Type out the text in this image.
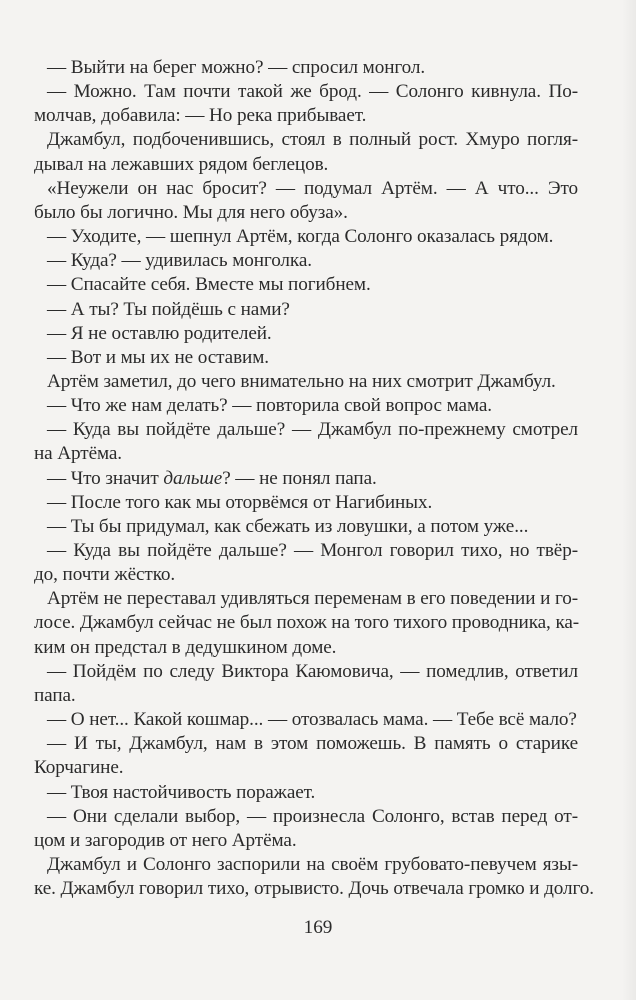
— Выйти на берег можно? — спросил монгол.
— Можно. Там почти такой же брод. — Солонго кивнула. По-
молчав, добавила: — Но река прибывает.
Джамбул, подбоченившись, стоял в полный рост. Хмуро погля-
дывал на лежавших рядом беглецов.
«Неужели он нас бросит? — подумал Артём. — А что... Это
было бы логично. Мы для него обуза».
— Уходите, — шепнул Артём, когда Солонго оказалась рядом.
— Куда? — удивилась монголка.
— Спасайте себя. Вместе мы погибнем.
— А ты? Ты пойдёшь с нами?
— Я не оставлю родителей.
— Вот и мы их не оставим.
Артём заметил, до чего внимательно на них смотрит Джамбул.
— Что же нам делать? — повторила свой вопрос мама.
— Куда вы пойдёте дальше? — Джамбул по-прежнему смотрел
на Артёма.
— Что значит дальше? — не понял папа.
— После того как мы оторвёмся от Нагибиных.
— Ты бы придумал, как сбежать из ловушки, а потом уже...
— Куда вы пойдёте дальше? — Монгол говорил тихо, но твёр-
до, почти жёстко.
Артём не переставал удивляться переменам в его поведении и го-
лосе. Джамбул сейчас не был похож на того тихого проводника, ка-
ким он предстал в дедушкином доме.
— Пойдём по следу Виктора Каюмовича, — помедлив, ответил
папа.
— О нет... Какой кошмар... — отозвалась мама. — Тебе всё мало?
— И ты, Джамбул, нам в этом поможешь. В память о старике
Корчагине.
— Твоя настойчивость поражает.
— Они сделали выбор, — произнесла Солонго, встав перед от-
цом и загородив от него Артёма.
Джамбул и Солонго заспорили на своём грубовато-певучем язы-
ке. Джамбул говорил тихо, отрывисто. Дочь отвечала громко и долго.
169
